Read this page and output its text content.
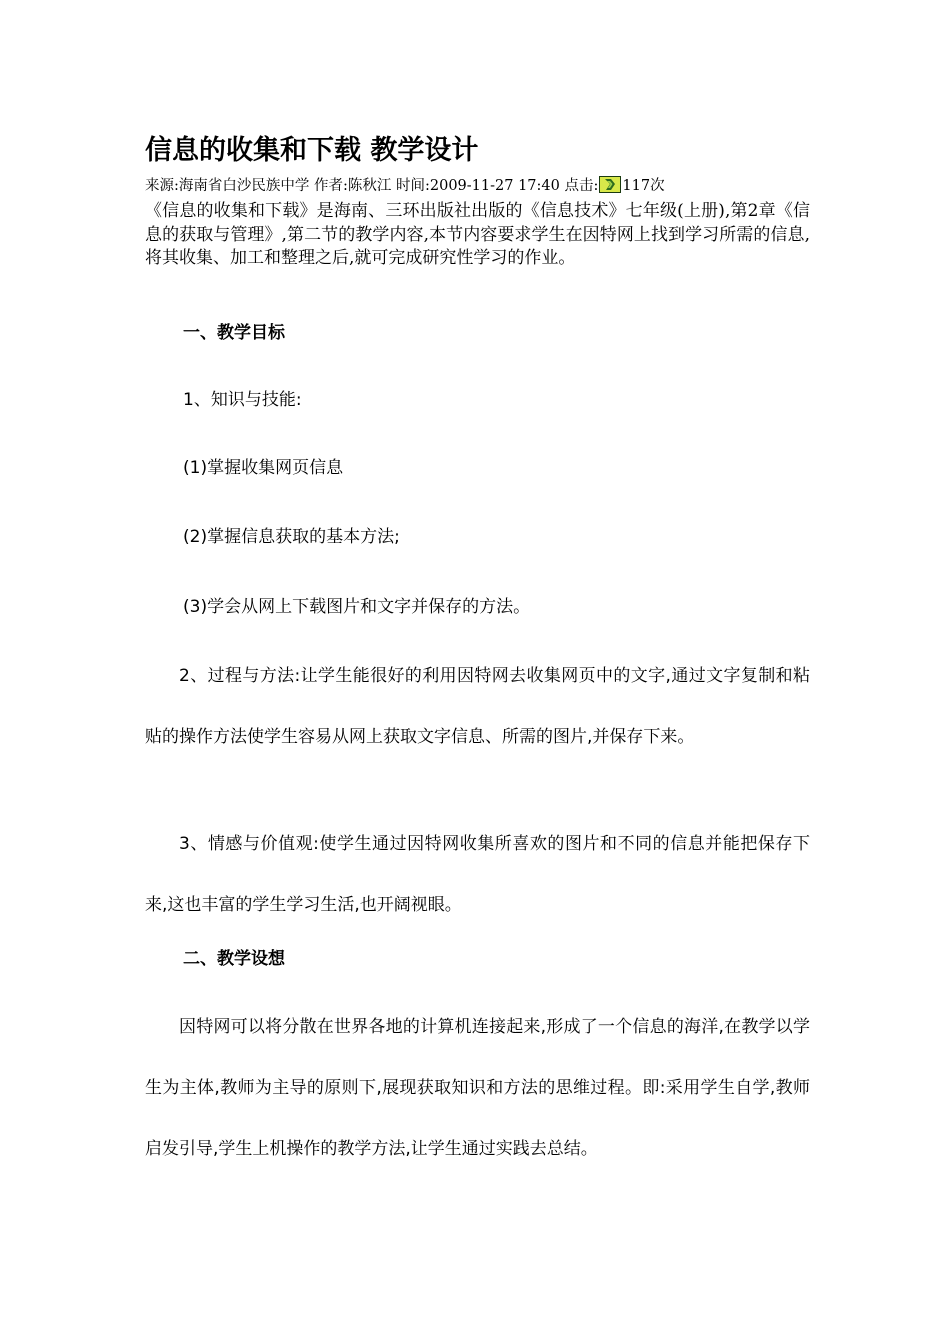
信息的收集和下载 教学设计
来源:海南省白沙民族中学 作者:陈秋江 时间:2009-11-27 17:40 点击: 117次
《信息的收集和下载》是海南、三环出版社出版的《信息技术》七年级(上册),第2章《信息的获取与管理》,第二节的教学内容,本节内容要求学生在因特网上找到学习所需的信息,将其收集、加工和整理之后,就可完成研究性学习的作业。
一、教学目标
1、知识与技能:
(1)掌握收集网页信息
(2)掌握信息获取的基本方法;
(3)学会从网上下载图片和文字并保存的方法。
2、过程与方法:让学生能很好的利用因特网去收集网页中的文字,通过文字复制和粘贴的操作方法使学生容易从网上获取文字信息、所需的图片,并保存下来。
3、情感与价值观:使学生通过因特网收集所喜欢的图片和不同的信息并能把保存下来,这也丰富的学生学习生活,也开阔视眼。
二、教学设想
因特网可以将分散在世界各地的计算机连接起来,形成了一个信息的海洋,在教学以学生为主体,教师为主导的原则下,展现获取知识和方法的思维过程。即:采用学生自学,教师启发引导,学生上机操作的教学方法,让学生通过实践去总结。
